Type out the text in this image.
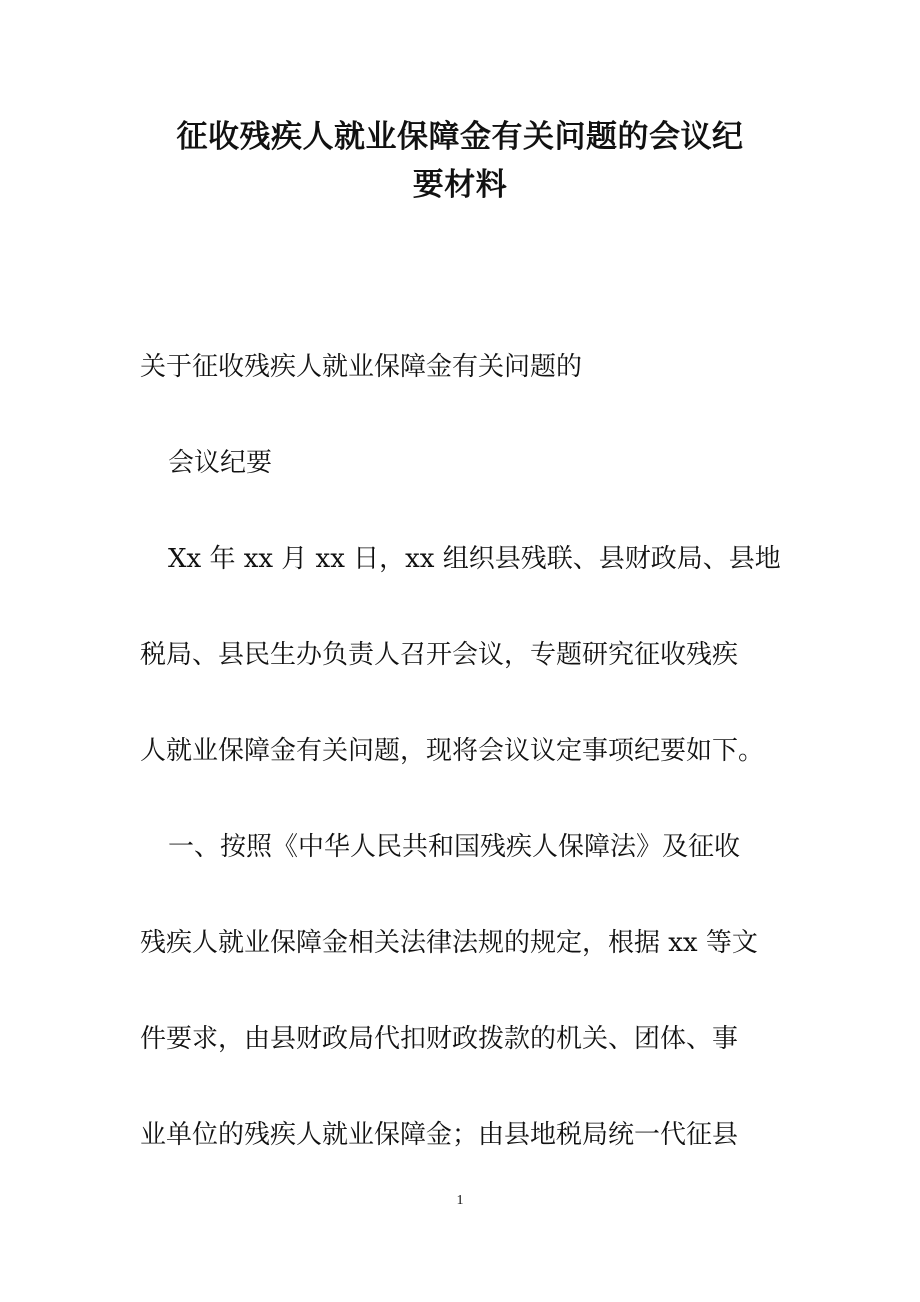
征收残疾人就业保障金有关问题的会议纪
要材料

关于征收残疾人就业保障金有关问题的

会议纪要

Xx 年 xx 月 xx 日，xx 组织县残联、县财政局、县地

税局、县民生办负责人召开会议，专题研究征收残疾

人就业保障金有关问题，现将会议议定事项纪要如下。

一、按照《中华人民共和国残疾人保障法》及征收

残疾人就业保障金相关法律法规的规定，根据 xx 等文

件要求，由县财政局代扣财政拨款的机关、团体、事

业单位的残疾人就业保障金；由县地税局统一代征县

1
